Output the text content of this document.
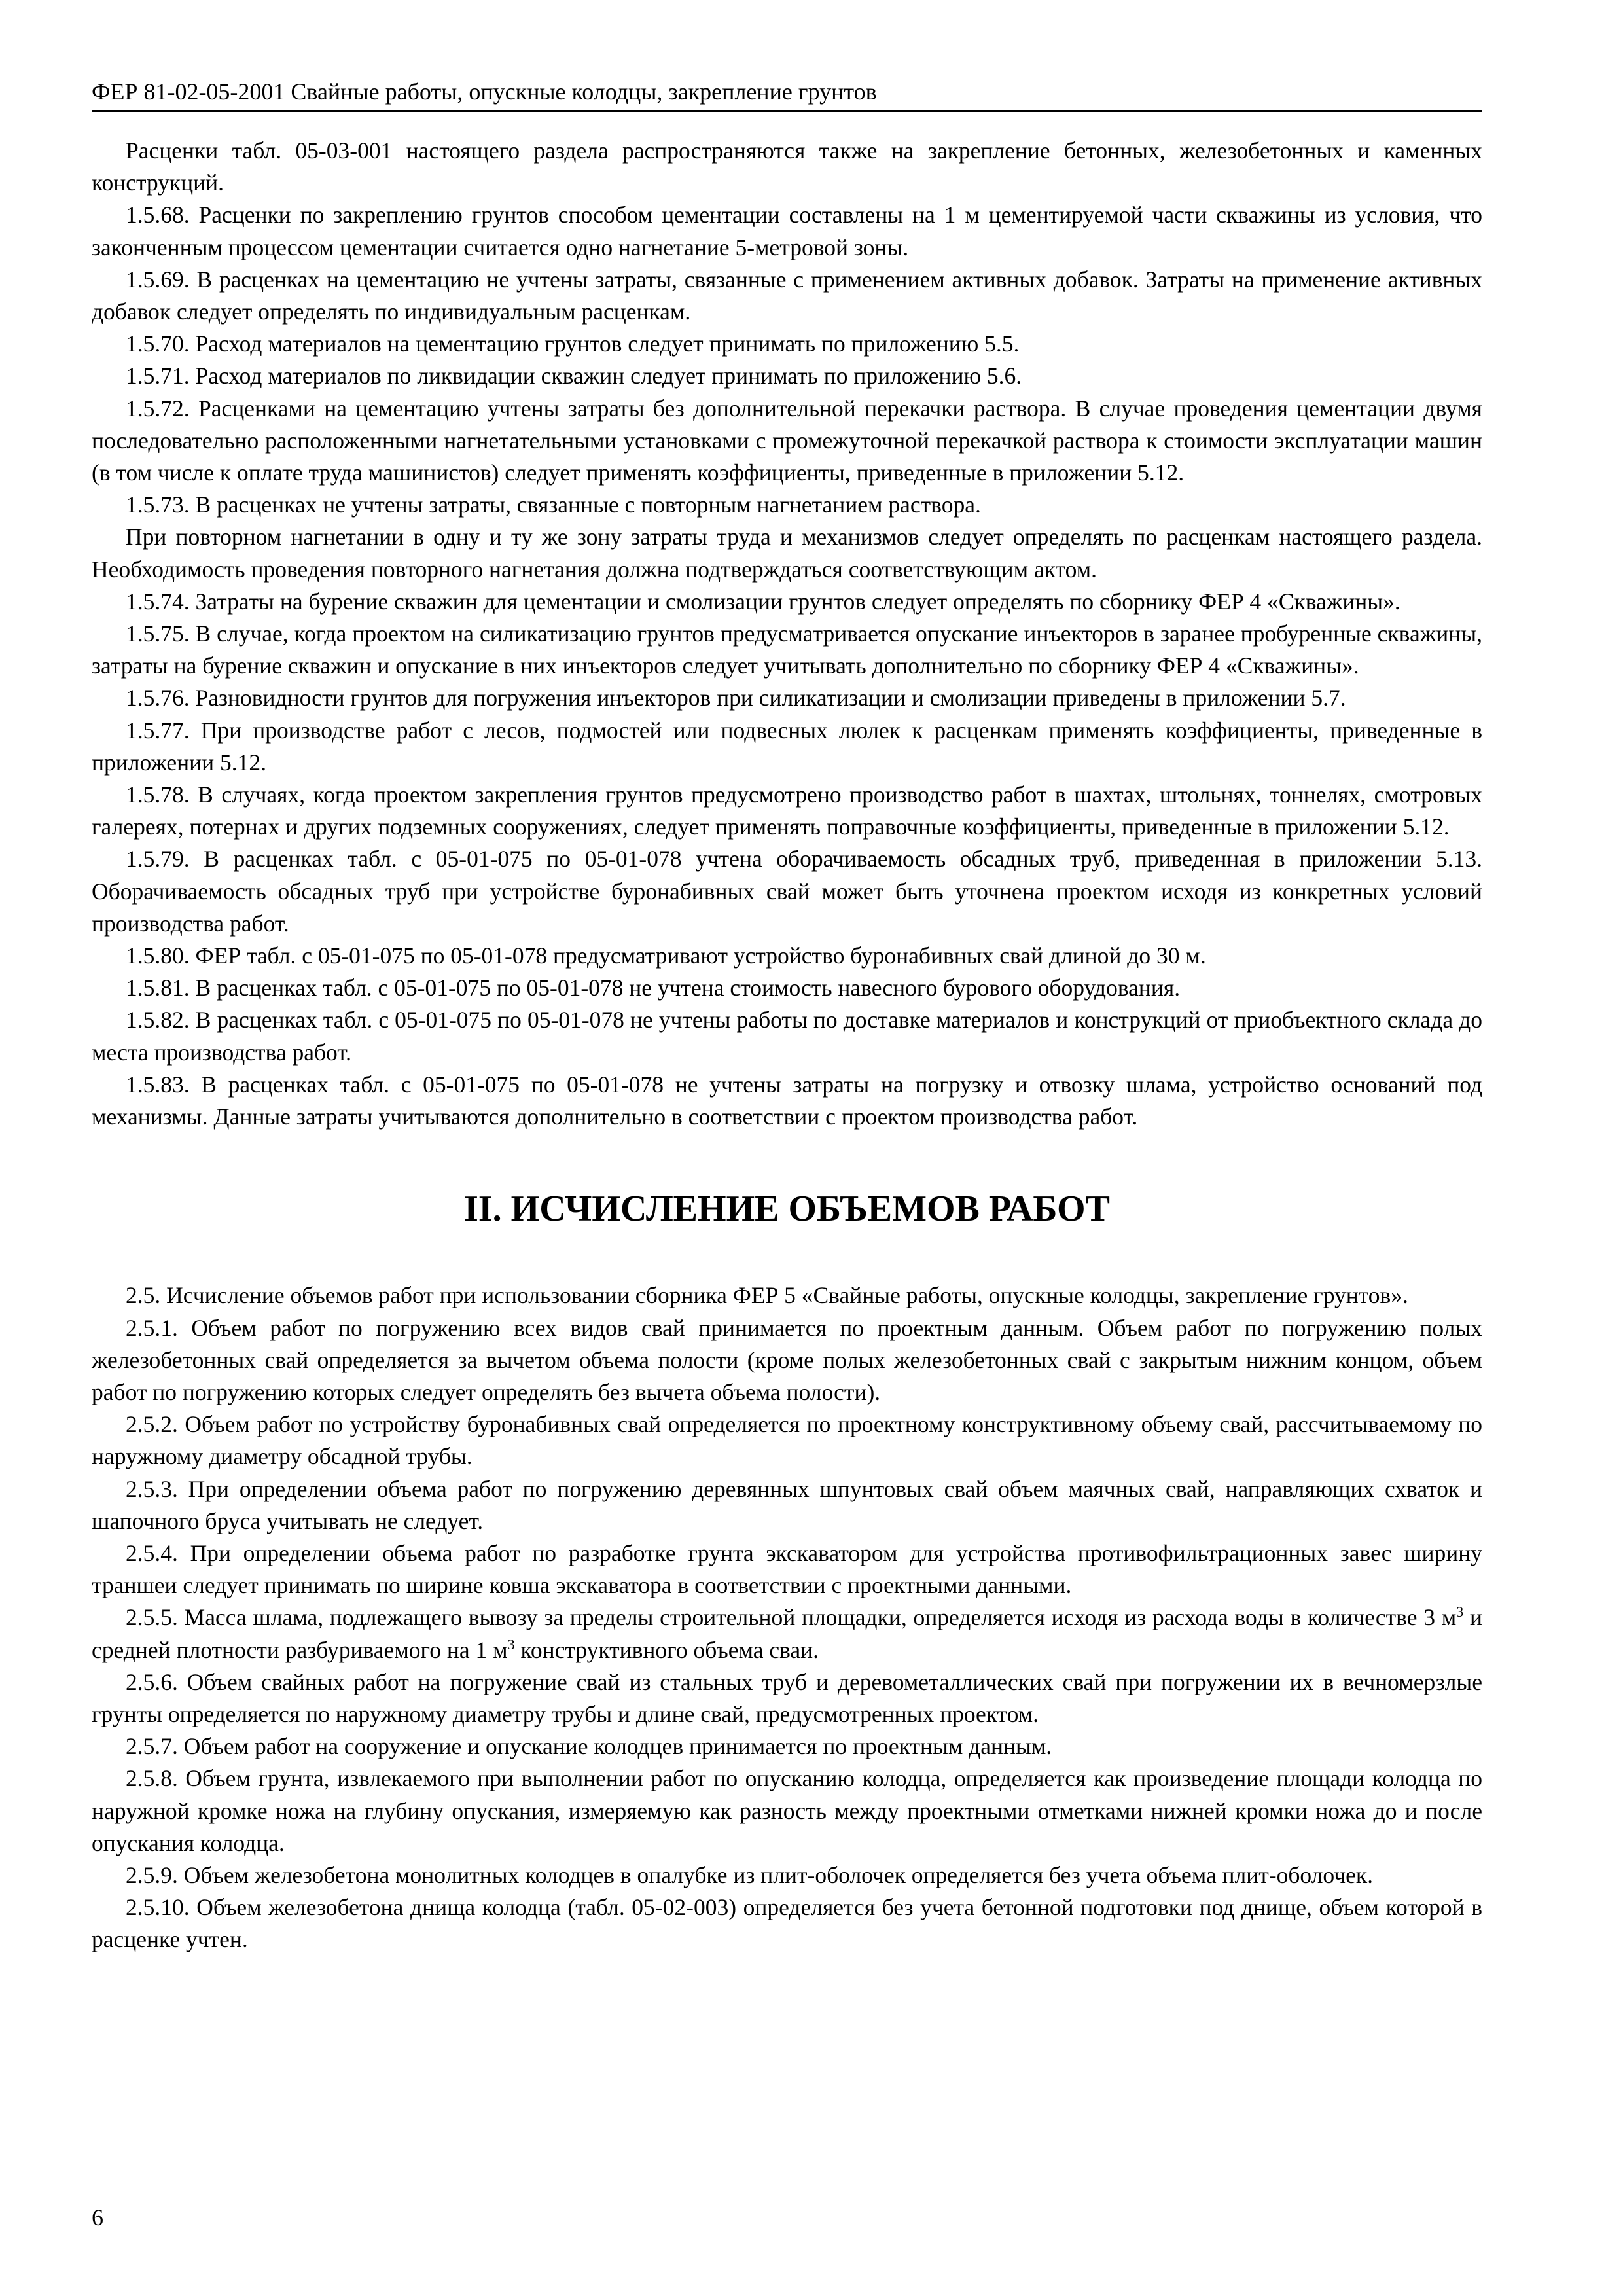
ФЕР 81-02-05-2001 Свайные работы, опускные колодцы, закрепление грунтов

Расценки табл. 05-03-001 настоящего раздела распространяются также на закрепление бетонных, железобетонных и каменных конструкций.

1.5.68. Расценки по закреплению грунтов способом цементации составлены на 1 м цементируемой части скважины из условия, что законченным процессом цементации считается одно нагнетание 5-метровой зоны.

1.5.69. В расценках на цементацию не учтены затраты, связанные с применением активных добавок. Затраты на применение активных добавок следует определять по индивидуальным расценкам.

1.5.70. Расход материалов на цементацию грунтов следует принимать по приложению 5.5.

1.5.71. Расход материалов по ликвидации скважин следует принимать по приложению 5.6.

1.5.72. Расценками на цементацию учтены затраты без дополнительной перекачки раствора. В случае проведения цементации двумя последовательно расположенными нагнетательными установками с промежуточной перекачкой раствора к стоимости эксплуатации машин (в том числе к оплате труда машинистов) следует применять коэффициенты, приведенные в приложении 5.12.

1.5.73. В расценках не учтены затраты, связанные с повторным нагнетанием раствора.

При повторном нагнетании в одну и ту же зону затраты труда и механизмов следует определять по расценкам настоящего раздела. Необходимость проведения повторного нагнетания должна подтверждаться соответствующим актом.

1.5.74. Затраты на бурение скважин для цементации и смолизации грунтов следует определять по сборнику ФЕР 4 «Скважины».

1.5.75. В случае, когда проектом на силикатизацию грунтов предусматривается опускание инъекторов в заранее пробуренные скважины, затраты на бурение скважин и опускание в них инъекторов следует учитывать дополнительно по сборнику ФЕР 4 «Скважины».

1.5.76. Разновидности грунтов для погружения инъекторов при силикатизации и смолизации приведены в приложении 5.7.

1.5.77. При производстве работ с лесов, подмостей или подвесных люлек к расценкам применять коэффициенты, приведенные в приложении 5.12.

1.5.78. В случаях, когда проектом закрепления грунтов предусмотрено производство работ в шахтах, штольнях, тоннелях, смотровых галереях, потернах и других подземных сооружениях, следует применять поправочные коэффициенты, приведенные в приложении 5.12.

1.5.79. В расценках табл. с 05-01-075 по 05-01-078 учтена оборачиваемость обсадных труб, приведенная в приложении 5.13. Оборачиваемость обсадных труб при устройстве буронабивных свай может быть уточнена проектом исходя из конкретных условий производства работ.

1.5.80. ФЕР табл. с 05-01-075 по 05-01-078 предусматривают устройство буронабивных свай длиной до 30 м.

1.5.81. В расценках табл. с 05-01-075 по 05-01-078 не учтена стоимость навесного бурового оборудования.

1.5.82. В расценках табл. с 05-01-075 по 05-01-078 не учтены работы по доставке материалов и конструкций от приобъектного склада до места производства работ.

1.5.83. В расценках табл. с 05-01-075 по 05-01-078 не учтены затраты на погрузку и отвозку шлама, устройство оснований под механизмы. Данные затраты учитываются дополнительно в соответствии с проектом производства работ.

II. ИСЧИСЛЕНИЕ ОБЪЕМОВ РАБОТ

2.5. Исчисление объемов работ при использовании сборника ФЕР 5 «Свайные работы, опускные колодцы, закрепление грунтов».

2.5.1. Объем работ по погружению всех видов свай принимается по проектным данным. Объем работ по погружению полых железобетонных свай определяется за вычетом объема полости (кроме полых железобетонных свай с закрытым нижним концом, объем работ по погружению которых следует определять без вычета объема полости).

2.5.2. Объем работ по устройству буронабивных свай определяется по проектному конструктивному объему свай, рассчитываемому по наружному диаметру обсадной трубы.

2.5.3. При определении объема работ по погружению деревянных шпунтовых свай объем маячных свай, направляющих схваток и шапочного бруса учитывать не следует.

2.5.4. При определении объема работ по разработке грунта экскаватором для устройства противофильтрационных завес ширину траншеи следует принимать по ширине ковша экскаватора в соответствии с проектными данными.

2.5.5. Масса шлама, подлежащего вывозу за пределы строительной площадки, определяется исходя из расхода воды в количестве 3 $м^3$ и средней плотности разбуриваемого на 1 $м^3$ конструктивного объема сваи.

2.5.6. Объем свайных работ на погружение свай из стальных труб и деревометаллических свай при погружении их в вечномерзлые грунты определяется по наружному диаметру трубы и длине свай, предусмотренных проектом.

2.5.7. Объем работ на сооружение и опускание колодцев принимается по проектным данным.

2.5.8. Объем грунта, извлекаемого при выполнении работ по опусканию колодца, определяется как произведение площади колодца по наружной кромке ножа на глубину опускания, измеряемую как разность между проектными отметками нижней кромки ножа до и после опускания колодца.

2.5.9. Объем железобетона монолитных колодцев в опалубке из плит-оболочек определяется без учета объема плит-оболочек.

2.5.10. Объем железобетона днища колодца (табл. 05-02-003) определяется без учета бетонной подготовки под днище, объем которой в расценке учтен.

6
